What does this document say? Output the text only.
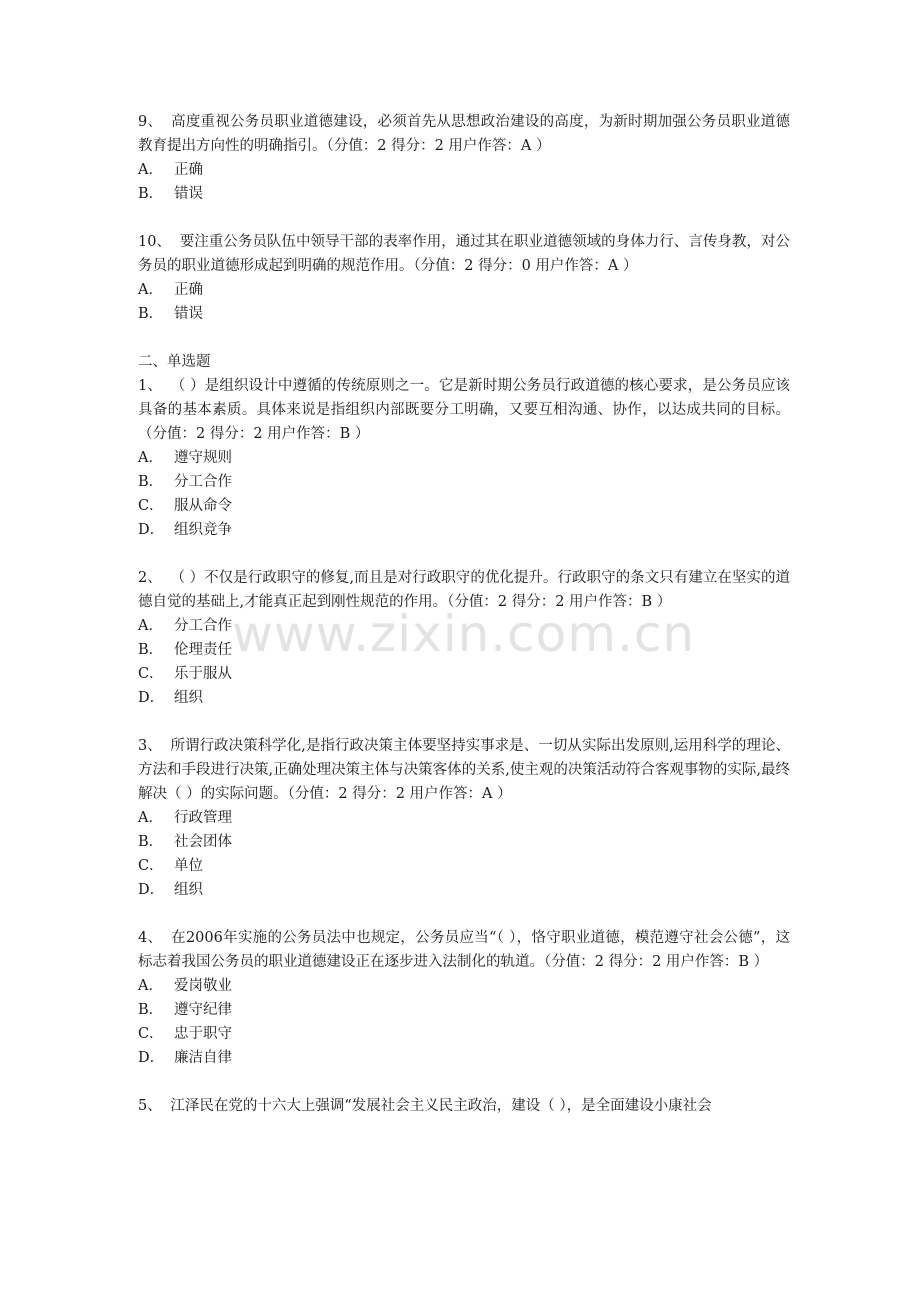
www.zixin.com.cn

9、 高度重视公务员职业道德建设，必须首先从思想政治建设的高度，为新时期加强公务员职业道德教育提出方向性的明确指引。（分值：2 得分：2 用户作答：A ）

A． 正确

B． 错误

10、 要注重公务员队伍中领导干部的表率作用，通过其在职业道德领域的身体力行、言传身教，对公务员的职业道德形成起到明确的规范作用。（分值：2 得分：0 用户作答：A ）

A． 正确

B． 错误

二、单选题

1、 （ ）是组织设计中遵循的传统原则之一。它是新时期公务员行政道德的核心要求，是公务员应该具备的基本素质。具体来说是指组织内部既要分工明确，又要互相沟通、协作，以达成共同的目标。（分值：2 得分：2 用户作答：B ）

A． 遵守规则

B． 分工合作

C． 服从命令

D． 组织竞争

2、 （ ）不仅是行政职守的修复,而且是对行政职守的优化提升。行政职守的条文只有建立在坚实的道德自觉的基础上,才能真正起到刚性规范的作用。（分值：2 得分：2 用户作答：B ）

A． 分工合作

B． 伦理责任

C． 乐于服从

D． 组织

3、 所谓行政决策科学化,是指行政决策主体要坚持实事求是、一切从实际出发原则,运用科学的理论、方法和手段进行决策,正确处理决策主体与决策客体的关系,使主观的决策活动符合客观事物的实际,最终解决（ ）的实际问题。（分值：2 得分：2 用户作答：A ）

A． 行政管理

B． 社会团体

C． 单位

D． 组织

4、 在2006年实施的公务员法中也规定，公务员应当“（ ），恪守职业道德，模范遵守社会公德”，这标志着我国公务员的职业道德建设正在逐步进入法制化的轨道。（分值：2 得分：2 用户作答：B ）

A． 爱岗敬业

B． 遵守纪律

C． 忠于职守

D． 廉洁自律

5、 江泽民在党的十六大上强调“发展社会主义民主政治，建设（ ），是全面建设小康社会
